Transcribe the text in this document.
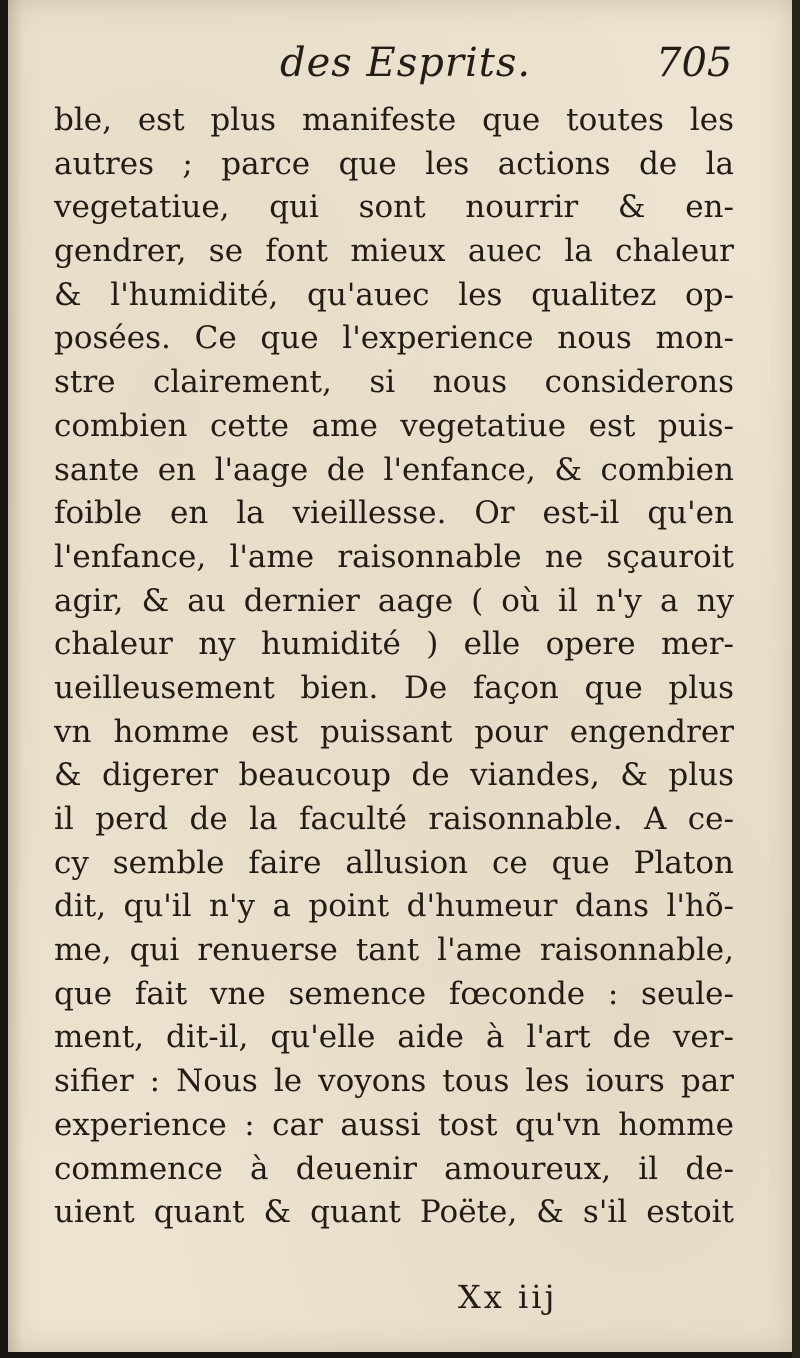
des Esprits.	705
ble, est plus manifeste que toutes les
autres ; parce que les actions de la
vegetatiue, qui sont nourrir & en-
gendrer, se font mieux auec la chaleur
& l'humidité, qu'auec les qualitez op-
posées. Ce que l'experience nous mon-
stre clairement, si nous considerons
combien cette ame vegetatiue est puis-
sante en l'aage de l'enfance, & combien
foible en la vieillesse. Or est-il qu'en
l'enfance, l'ame raisonnable ne sçauroit
agir, & au dernier aage ( où il n'y a ny
chaleur ny humidité ) elle opere mer-
ueilleusement bien. De façon que plus
vn homme est puissant pour engendrer
& digerer beaucoup de viandes, & plus
il perd de la faculté raisonnable. A ce-
cy semble faire allusion ce que Platon
dit, qu'il n'y a point d'humeur dans l'hõ-
me, qui renuerse tant l'ame raisonnable,
que fait vne semence fœconde : seule-
ment, dit-il, qu'elle aide à l'art de ver-
sifier : Nous le voyons tous les iours par
experience : car aussi tost qu'vn homme
commence à deuenir amoureux, il de-
uient quant & quant Poëte, & s'il estoit
Xx iij
